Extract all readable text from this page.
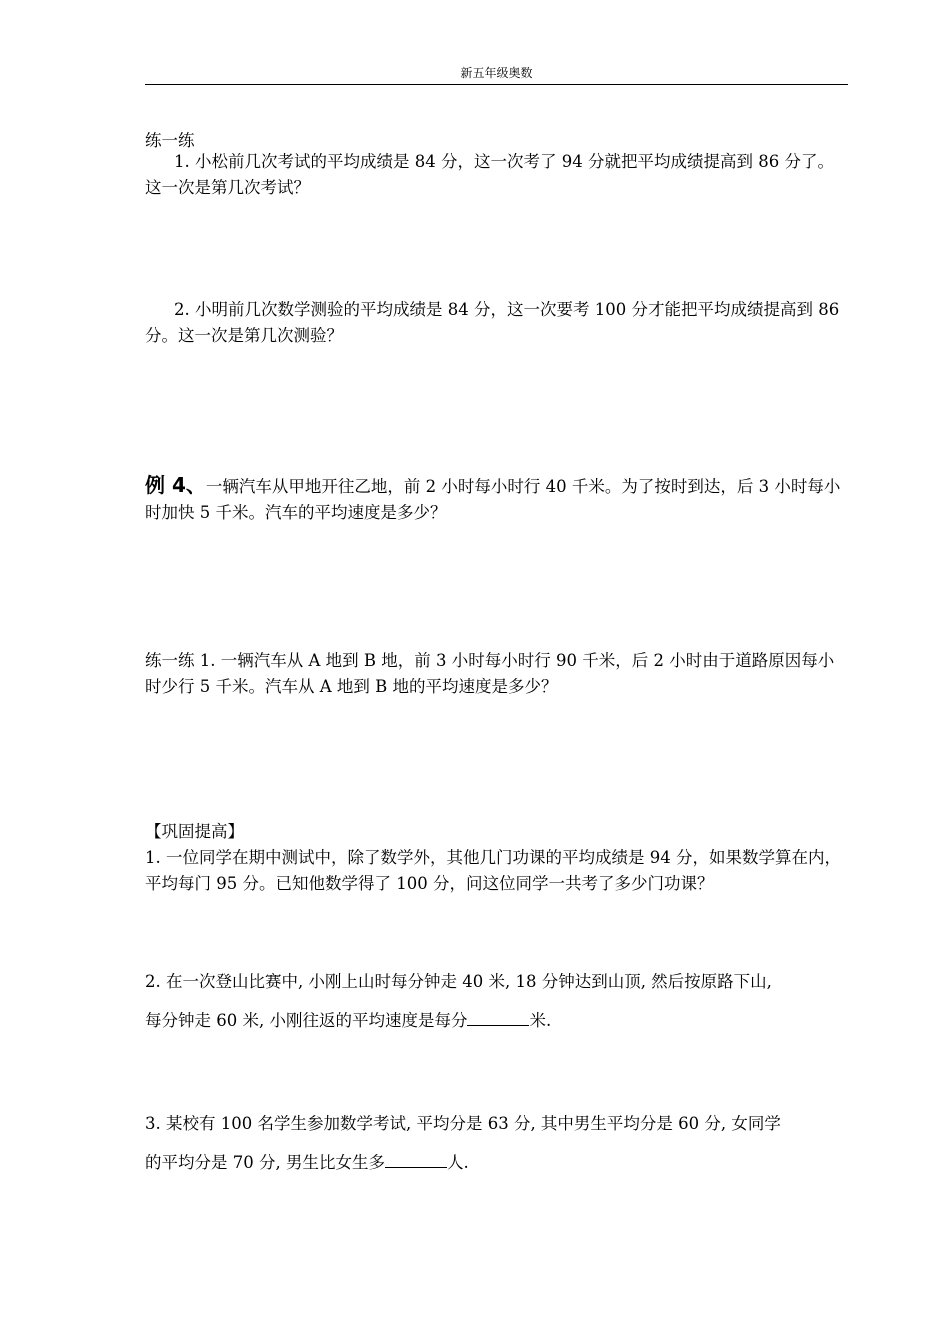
新五年级奥数

练一练

1. 小松前几次考试的平均成绩是 84 分，这一次考了 94 分就把平均成绩提高到 86 分了。这一次是第几次考试？

2. 小明前几次数学测验的平均成绩是 84 分，这一次要考 100 分才能把平均成绩提高到 86 分。这一次是第几次测验？

例 4、一辆汽车从甲地开往乙地，前 2 小时每小时行 40 千米。为了按时到达，后 3 小时每小时加快 5 千米。汽车的平均速度是多少？

练一练 1. 一辆汽车从 A 地到 B 地，前 3 小时每小时行 90 千米，后 2 小时由于道路原因每小时少行 5 千米。汽车从 A 地到 B 地的平均速度是多少？

【巩固提高】

1. 一位同学在期中测试中，除了数学外，其他几门功课的平均成绩是 94 分，如果数学算在内，平均每门 95 分。已知他数学得了 100 分，问这位同学一共考了多少门功课？

2. 在一次登山比赛中, 小刚上山时每分钟走 40 米, 18 分钟达到山顶, 然后按原路下山,

每分钟走 60 米, 小刚往返的平均速度是每分	米.

3. 某校有 100 名学生参加数学考试, 平均分是 63 分, 其中男生平均分是 60 分, 女同学

的平均分是 70 分, 男生比女生多	人.
